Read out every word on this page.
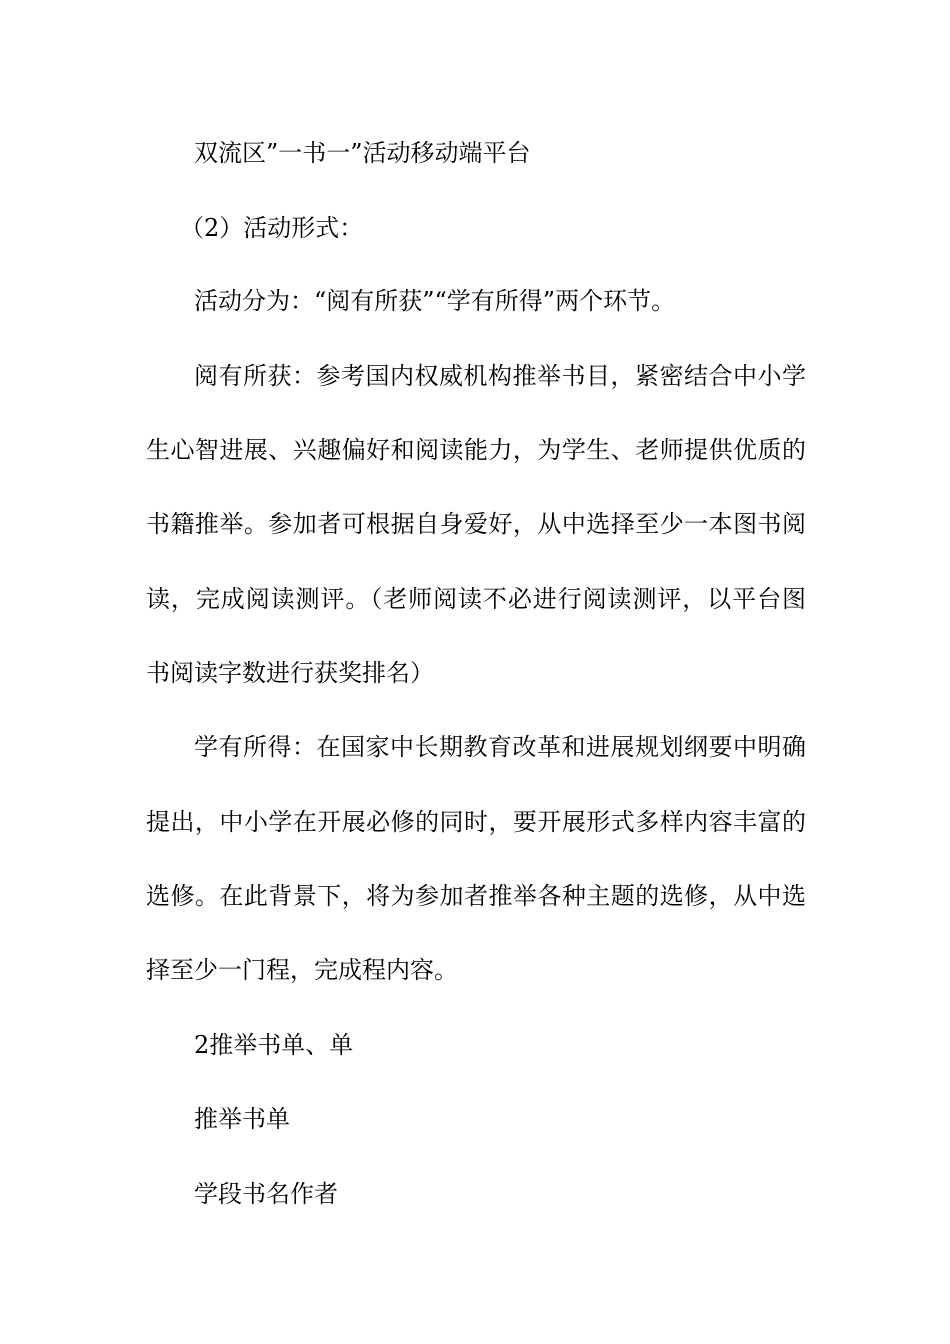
双流区”一书一”活动移动端平台
（2）活动形式：
活动分为：“阅有所获”“学有所得”两个环节。
阅有所获：参考国内权威机构推举书目，紧密结合中小学
生心智进展、兴趣偏好和阅读能力，为学生、老师提供优质的
书籍推举。参加者可根据自身爱好，从中选择至少一本图书阅
读，完成阅读测评。（老师阅读不必进行阅读测评，以平台图
书阅读字数进行获奖排名）
学有所得：在国家中长期教育改革和进展规划纲要中明确
提出，中小学在开展必修的同时，要开展形式多样内容丰富的
选修。在此背景下，将为参加者推举各种主题的选修，从中选
择至少一门程，完成程内容。
2推举书单、单
推举书单
学段书名作者
